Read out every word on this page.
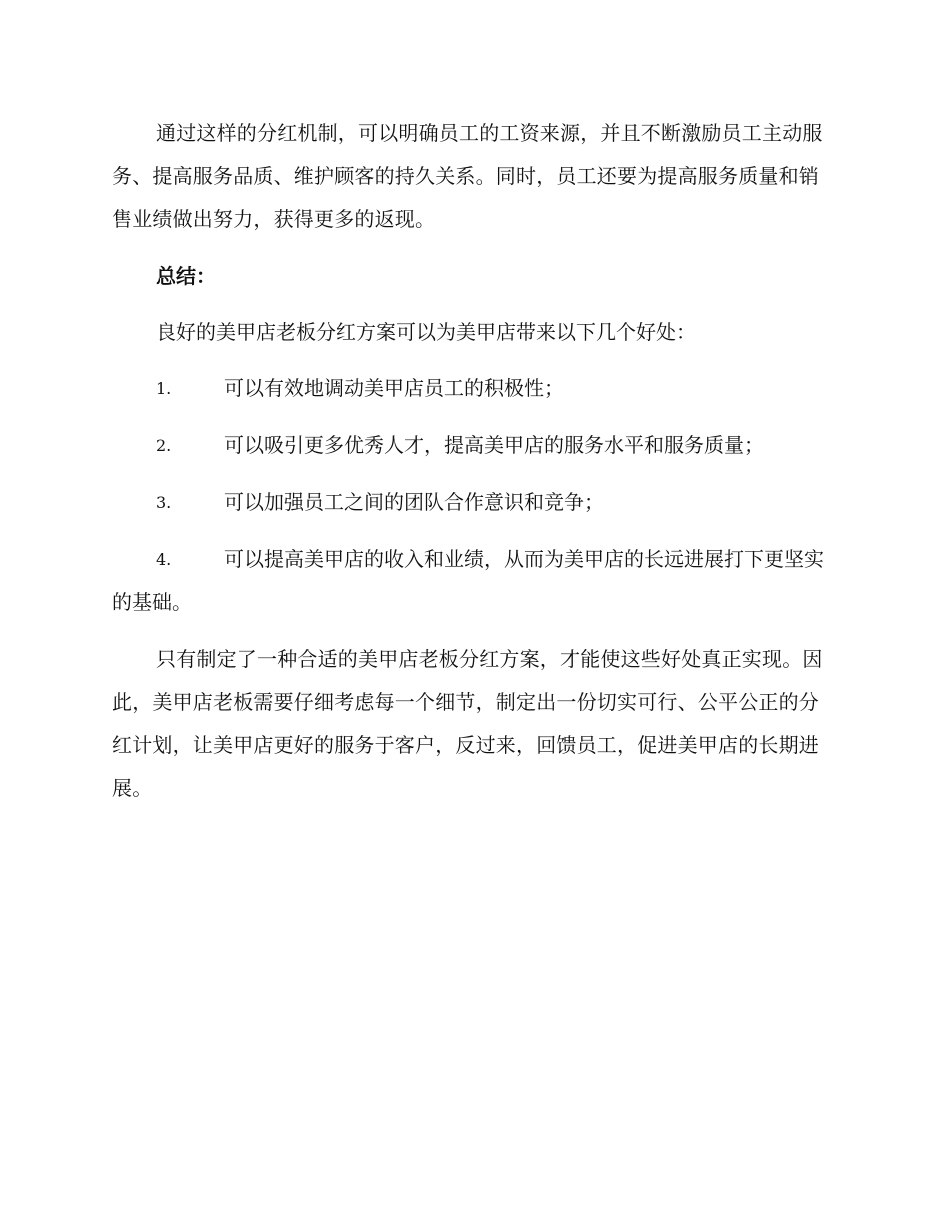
通过这样的分红机制，可以明确员工的工资来源，并且不断激励员工主动服务、提高服务品质、维护顾客的持久关系。同时，员工还要为提高服务质量和销售业绩做出努力，获得更多的返现。

总结：

良好的美甲店老板分红方案可以为美甲店带来以下几个好处：

1.	可以有效地调动美甲店员工的积极性；
2.	可以吸引更多优秀人才，提高美甲店的服务水平和服务质量；
3.	可以加强员工之间的团队合作意识和竞争；
4.	可以提高美甲店的收入和业绩，从而为美甲店的长远进展打下更坚实的基础。

只有制定了一种合适的美甲店老板分红方案，才能使这些好处真正实现。因此，美甲店老板需要仔细考虑每一个细节，制定出一份切实可行、公平公正的分红计划，让美甲店更好的服务于客户，反过来，回馈员工，促进美甲店的长期进展。
